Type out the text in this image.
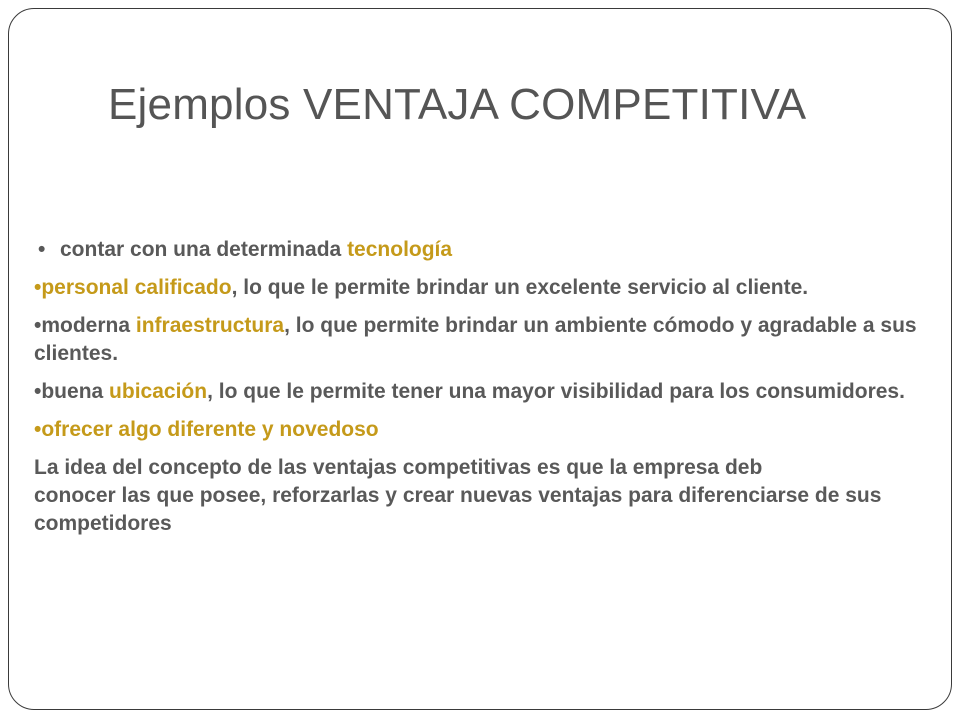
Ejemplos VENTAJA COMPETITIVA

• contar con una determinada tecnología

•personal calificado, lo que le permite brindar un excelente servicio al cliente.

•moderna infraestructura, lo que permite brindar un ambiente cómodo y agradable a sus clientes.

•buena ubicación, lo que le permite tener una mayor visibilidad para los consumidores.

•ofrecer algo diferente y novedoso

La idea del concepto de las ventajas competitivas es que la empresa deb
conocer las que posee, reforzarlas y crear nuevas ventajas para diferenciarse de sus competidores
